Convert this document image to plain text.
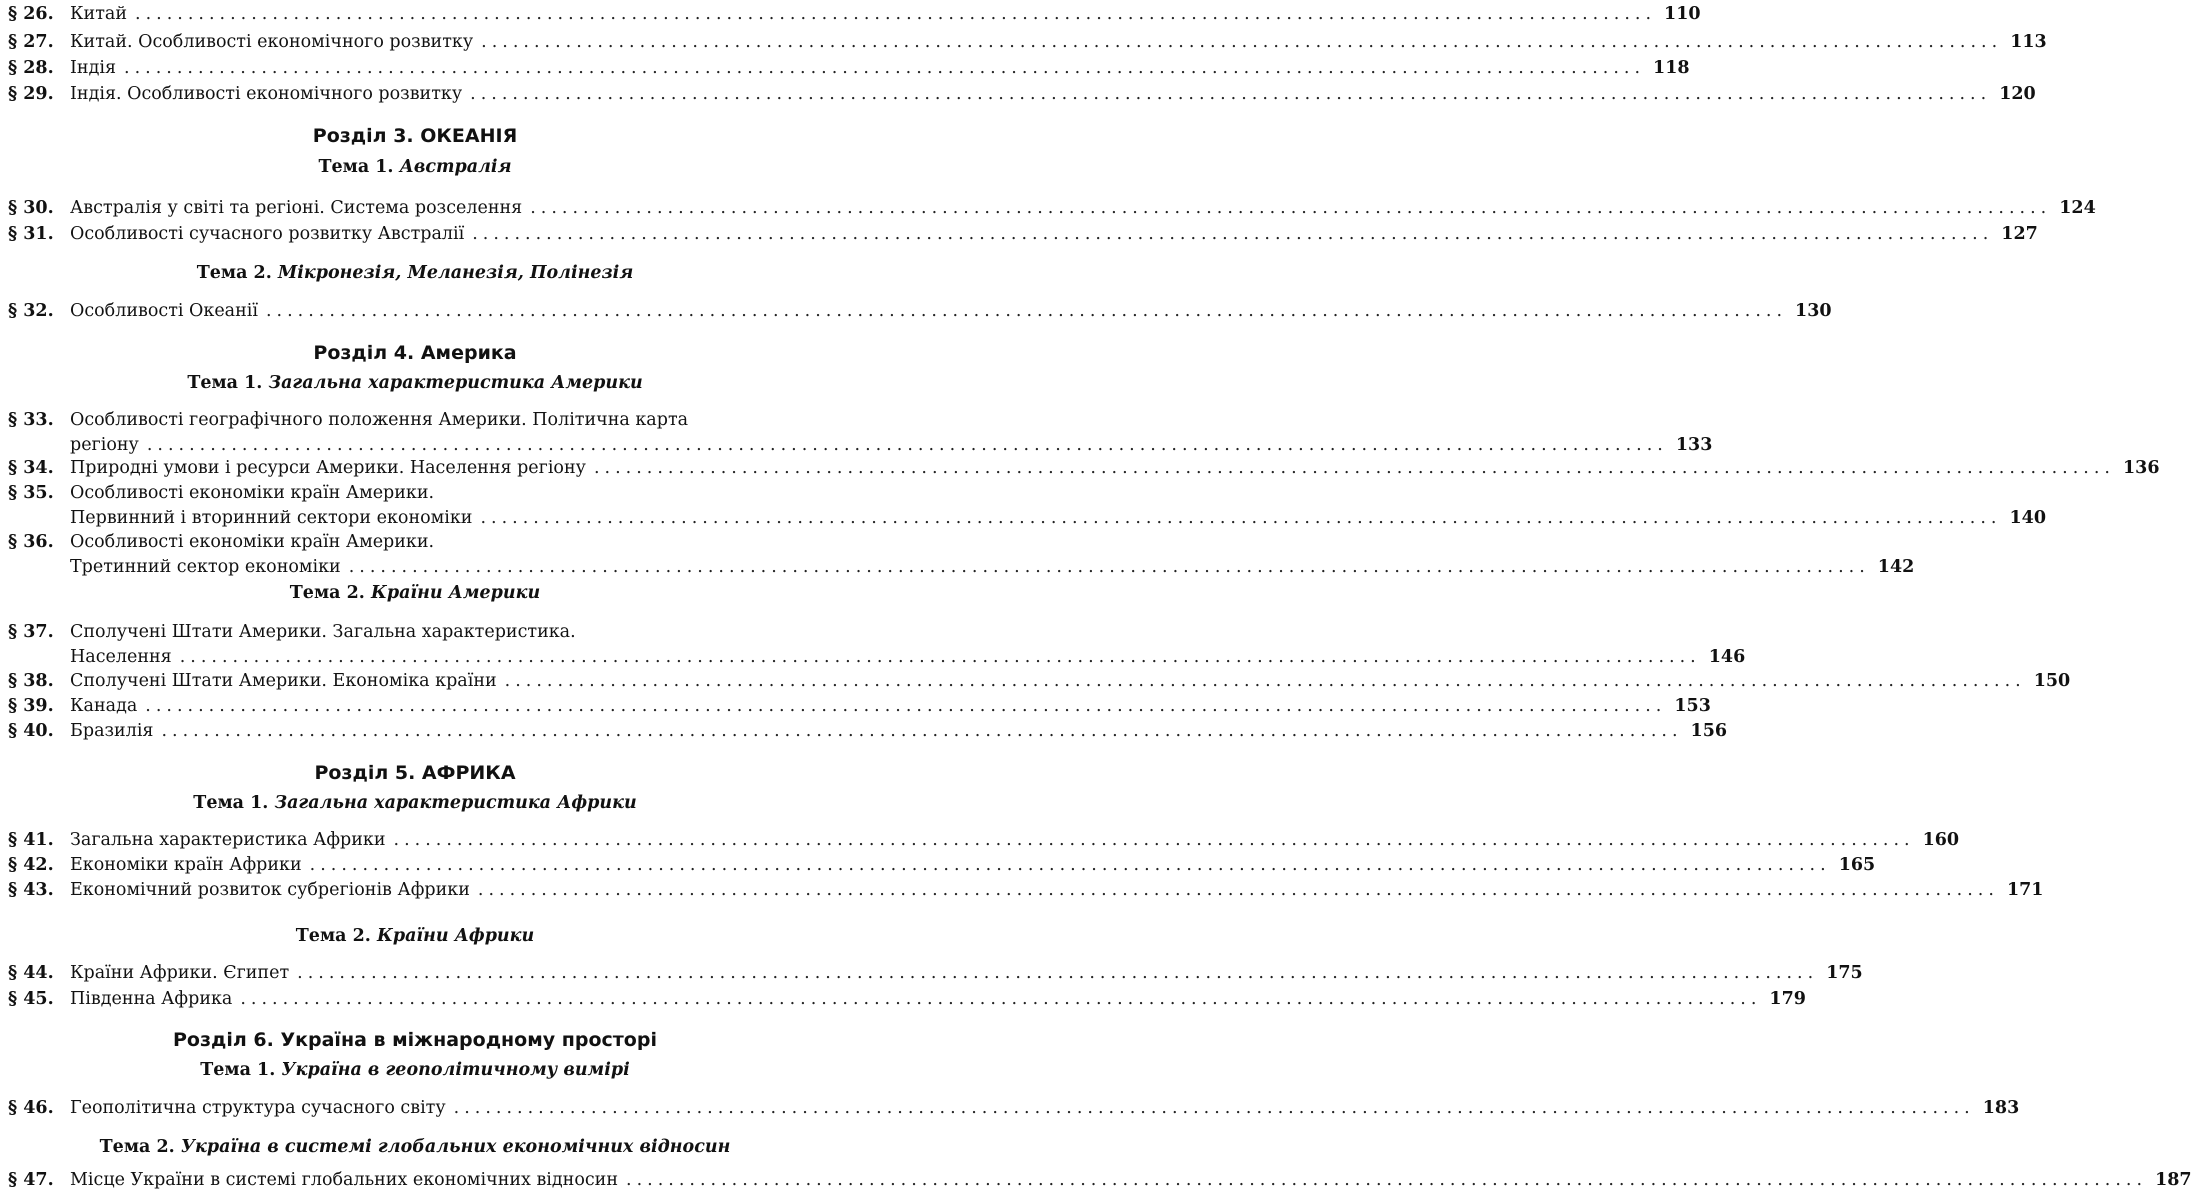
§ 26. Китай .....	110
§ 27. Китай. Особливості економічного розвитку .....	113
§ 28. Індія .....	118
§ 29. Індія. Особливості економічного розвитку .....	120
Розділ 3. ОКЕАНІЯ
Тема 1. Австралія
§ 30. Австралія у світі та регіоні. Система розселення .....	124
§ 31. Особливості сучасного розвитку Австралії .....	127
Тема 2. Мікронезія, Меланезія, Полінезія
§ 32. Особливості Океанії .....	130
Розділ 4. Америка
Тема 1. Загальна характеристика Америки
§ 33. Особливості географічного положення Америки. Політична карта
регіону .....	133
§ 34. Природні умови і ресурси Америки. Населення регіону .....	136
§ 35. Особливості економіки країн Америки.
Первинний і вторинний сектори економіки .....	140
§ 36. Особливості економіки країн Америки.
Третинний сектор економіки .....	142
Тема 2. Країни Америки
§ 37. Сполучені Штати Америки. Загальна характеристика.
Населення .....	146
§ 38. Сполучені Штати Америки. Економіка країни .....	150
§ 39. Канада .....	153
§ 40. Бразилія .....	156
Розділ 5. АФРИКА
Тема 1. Загальна характеристика Африки
§ 41. Загальна характеристика Африки .....	160
§ 42. Економіки країн Африки .....	165
§ 43. Економічний розвиток субрегіонів Африки .....	171
Тема 2. Країни Африки
§ 44. Країни Африки. Єгипет .....	175
§ 45. Південна Африка .....	179
Розділ 6. Україна в міжнародному просторі
Тема 1. Україна в геополітичному вимірі
§ 46. Геополітична структура сучасного світу .....	183
Тема 2. Україна в системі глобальних економічних відносин
§ 47. Місце України в системі глобальних економічних відносин .....	187
